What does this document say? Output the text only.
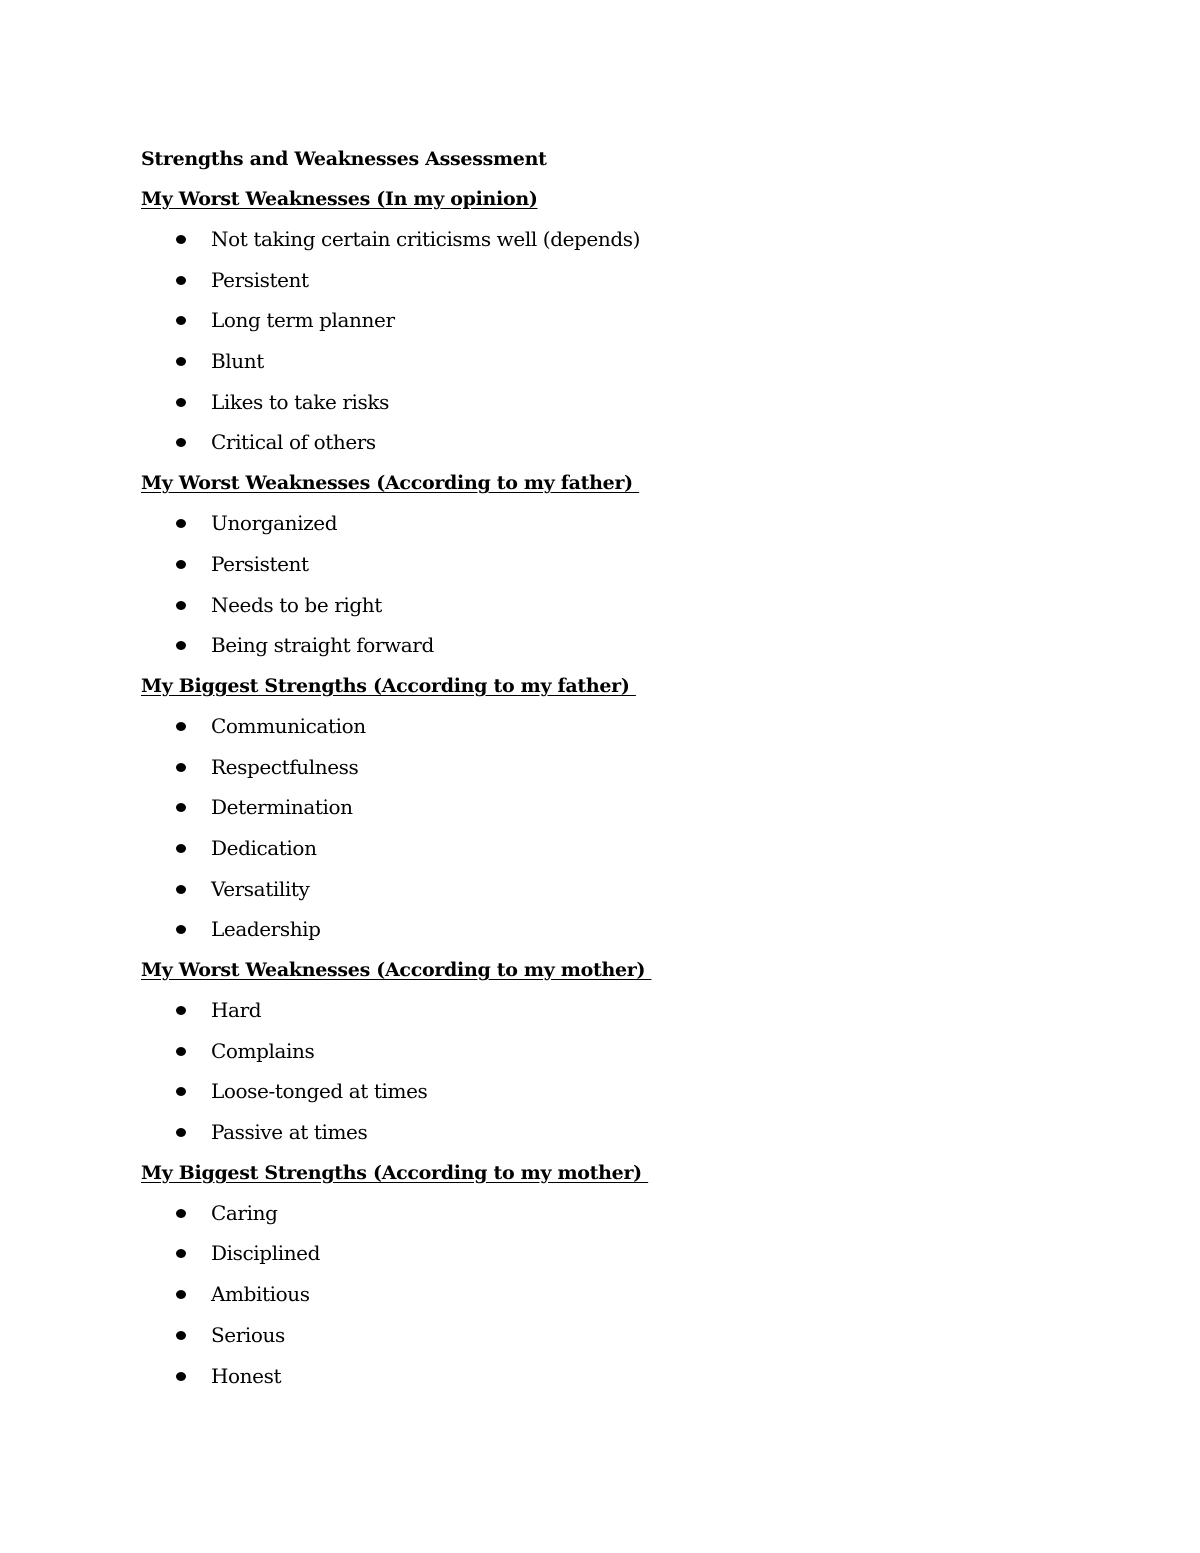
Strengths and Weaknesses Assessment
My Worst Weaknesses (In my opinion)
Not taking certain criticisms well (depends)
Persistent
Long term planner
Blunt
Likes to take risks
Critical of others
My Worst Weaknesses (According to my father)
Unorganized
Persistent
Needs to be right
Being straight forward
My Biggest Strengths (According to my father)
Communication
Respectfulness
Determination
Dedication
Versatility
Leadership
My Worst Weaknesses (According to my mother)
Hard
Complains
Loose-tonged at times
Passive at times
My Biggest Strengths (According to my mother)
Caring
Disciplined
Ambitious
Serious
Honest
